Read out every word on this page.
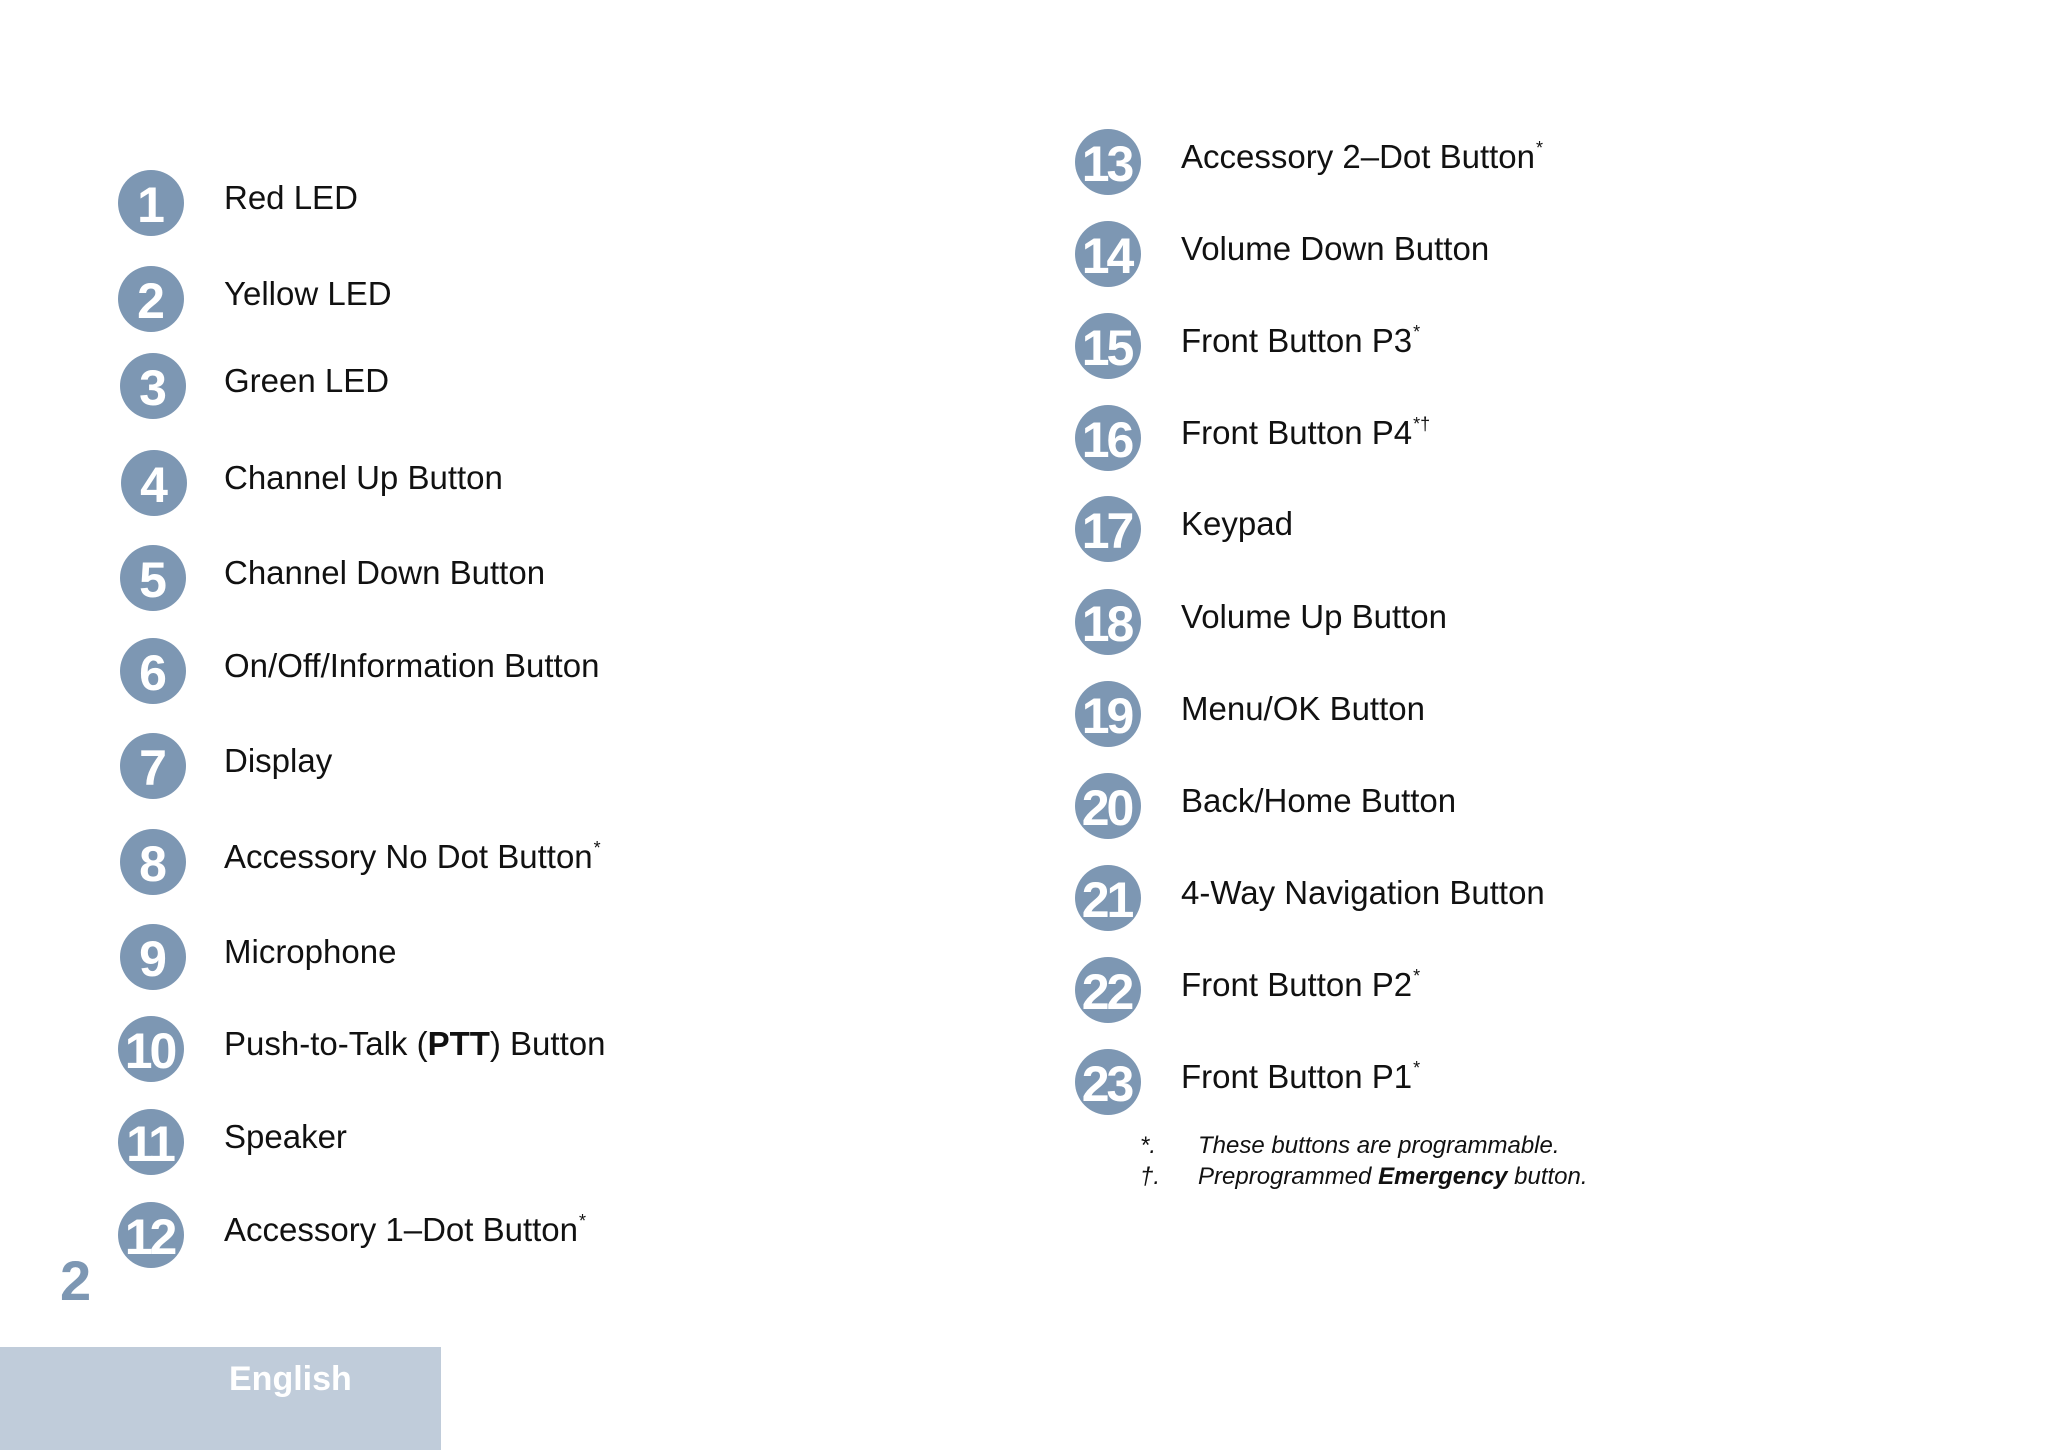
1	Red LED
2	Yellow LED
3	Green LED
4	Channel Up Button
5	Channel Down Button
6	On/Off/Information Button
7	Display
8	Accessory No Dot Button*
9	Microphone
10 Push-to-Talk (PTT) Button
11	Speaker
12 Accessory 1–Dot Button*
13 Accessory 2–Dot Button*
14 Volume Down Button
15 Front Button P3*
16 Front Button P4*†
17 Keypad
18 Volume Up Button
19 Menu/OK Button
20 Back/Home Button
21 4-Way Navigation Button
22 Front Button P2*
23 Front Button P1*
*.	These buttons are programmable.
†.	Preprogrammed Emergency button.
2
English
